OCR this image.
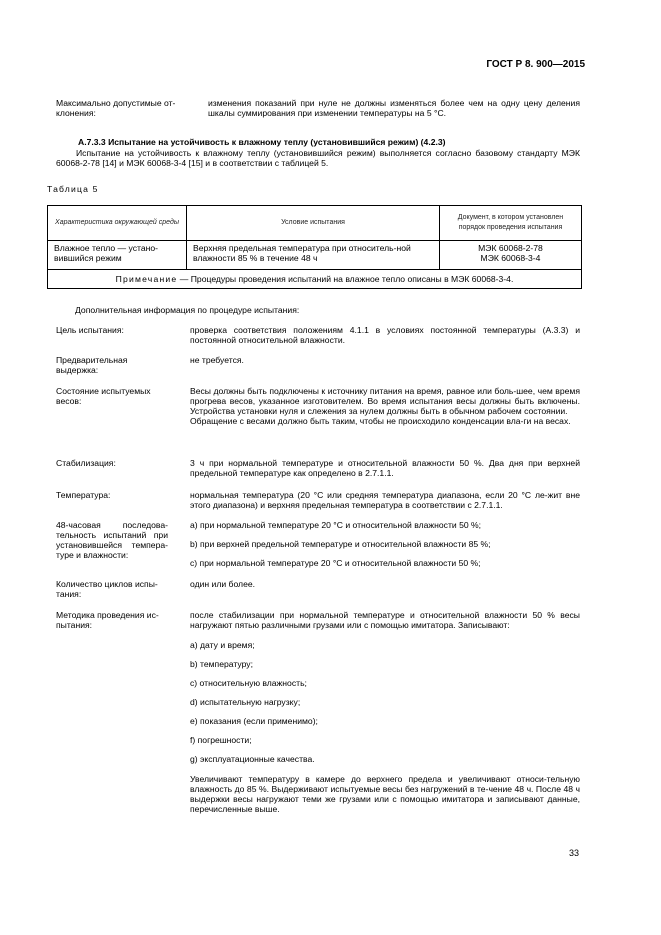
ГОСТ Р 8. 900—2015
Максимально допустимые от-клонения:
изменения показаний при нуле не должны изменяться более чем на одну цену деления шкалы суммирования при изменении температуры на 5 °С.
А.7.3.3 Испытание на устойчивость к влажному теплу (установившийся режим) (4.2.3)
Испытание на устойчивость к влажному теплу (установившийся режим) выполняется согласно базовому стандарту МЭК 60068-2-78 [14] и МЭК 60068-3-4 [15] и в соответствии с таблицей 5.
Таблица 5
Характеристика окружающей среды	Условие испытания	Документ, в котором установлен порядок проведения испытания
Влажное тепло — устано-вившийся режим	Верхняя предельная температура при относитель-ной влажности 85 % в течение 48 ч	МЭК 60068-2-78
МЭК 60068-3-4

Примечание — Процедуры проведения испытаний на влажное тепло описаны в МЭК 60068-3-4.		
Дополнительная информация по процедуре испытания:
Цель испытания:	проверка соответствия положениям 4.1.1 в условиях постоянной температуры (А.3.3) и постоянной относительной влажности.
Предварительная выдержка:
не требуется.
Состояние испытуемых весов:

Весы должны быть подключены к источнику питания на время, равное или боль-шее, чем время прогрева весов, указанное изготовителем. Во время испытания весы должны быть включены. Устройства установки нуля и слежения за нулем должны быть в обычном рабочем состоянии.

Обращение с весами должно быть таким, чтобы не происходило конденсации вла-ги на весах.

Стабилизация:	3 ч при нормальной температуре и относительной влажности 50 %. Два дня при верхней предельной температуре как определено в 2.7.1.1.
Температура:	нормальная температура (20 °С или средняя температура диапазона, если 20 °С ле-жит вне этого диапазона) и верхняя предельная температура в соответствии с 2.7.1.1.
48-часовая последова-тельность испытаний при установившейся темпера-туре и влажности:

а) при нормальной температуре 20 °С и относительной влажности 50 %;

b) при верхней предельной температуре и относительной влажности 85 %;

с) при нормальной температуре 20 °С и относительной влажности 50 %;

Количество циклов испы-тания:
один или более.
Методика проведения ис-пытания:

после стабилизации при нормальной температуре и относительной влажности 50 % весы нагружают пятью различными грузами или с помощью имитатора. Записывают:

а) дату и время;

b) температуру;

с) относительную влажность;

d) испытательную нагрузку;

е) показания (если применимо);

f) погрешности;

g) эксплуатационные качества.

Увеличивают температуру в камере до верхнего предела и увеличивают относи-тельную влажность до 85 %. Выдерживают испытуемые весы без нагружений в те-чение 48 ч. После 48 ч выдержки весы нагружают теми же грузами или с помощью имитатора и записывают данные, перечисленные выше.

33
